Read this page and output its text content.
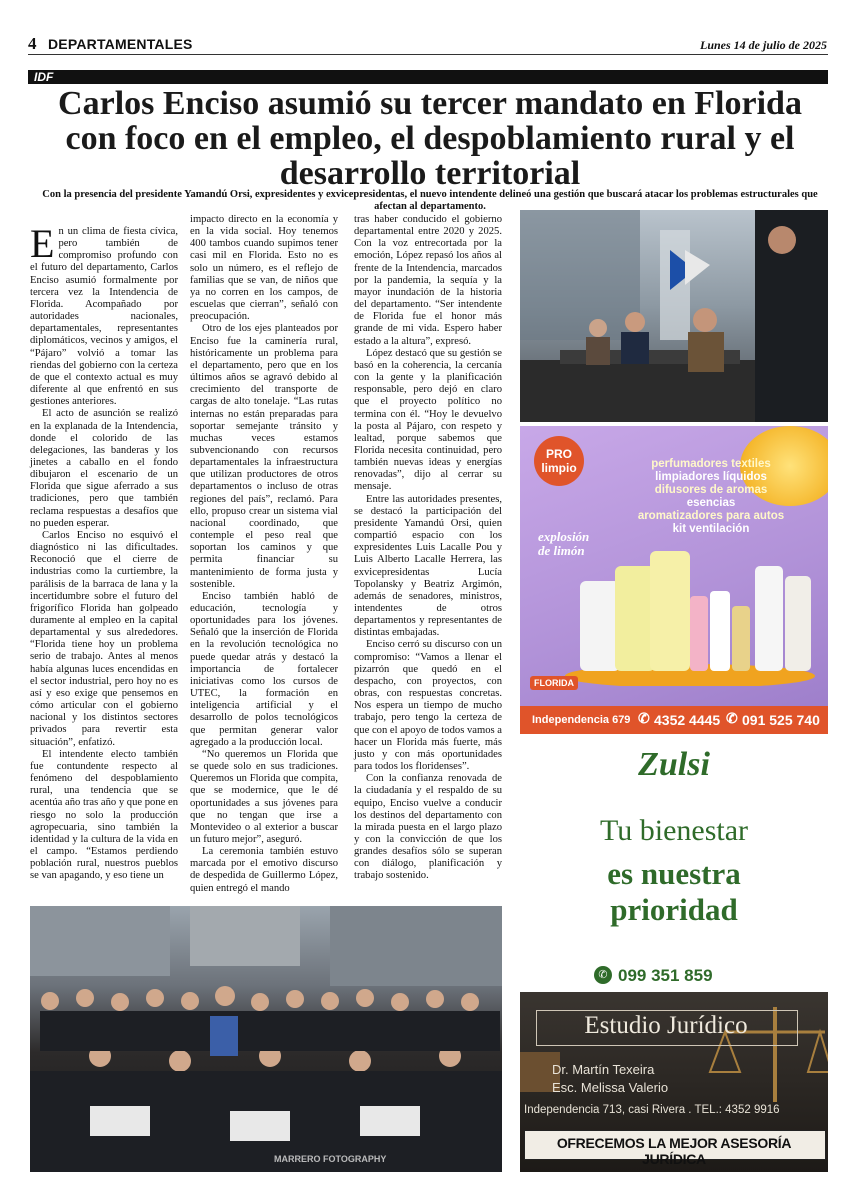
4 DEPARTAMENTALES	Lunes 14 de julio de 2025
IDF
Carlos Enciso asumió su tercer mandato en Florida con foco en el empleo, el despoblamiento rural y el desarrollo territorial
Con la presencia del presidente Yamandú Orsi, expresidentes y exvicepresidentas, el nuevo intendente delineó una gestión que buscará atacar los problemas estructurales que afectan al departamento.

En un clima de fiesta cívica, pero también de compromiso profundo con el futuro del departamento, Carlos Enciso asumió formalmente por tercera vez la Intendencia de Florida. Acompañado por autoridades nacionales, departamentales, representantes diplomáticos, vecinos y amigos, el “Pájaro” volvió a tomar las riendas del gobierno con la certeza de que el contexto actual es muy diferente al que enfrentó en sus gestiones anteriores.

El acto de asunción se realizó en la explanada de la Intendencia, donde el colorido de las delegaciones, las banderas y los jinetes a caballo en el fondo dibujaron el escenario de un Florida que sigue aferrado a sus tradiciones, pero que también reclama respuestas a desafíos que no pueden esperar.

Carlos Enciso no esquivó el diagnóstico ni las dificultades. Reconoció que el cierre de industrias como la curtiembre, la parálisis de la barraca de lana y la incertidumbre sobre el futuro del frigorífico Florida han golpeado duramente al empleo en la capital departamental y sus alrededores. “Florida tiene hoy un problema serio de trabajo. Antes al menos había algunas luces encendidas en el sector industrial, pero hoy no es así y eso exige que pensemos en cómo articular con el gobierno nacional y los distintos sectores privados para revertir esta situación”, enfatizó.

El intendente electo también fue contundente respecto al fenómeno del despoblamiento rural, una tendencia que se acentúa año tras año y que pone en riesgo no solo la producción agropecuaria, sino también la identidad y la cultura de la vida en el campo. “Estamos perdiendo población rural, nuestros pueblos se van apagando, y eso tiene un

impacto directo en la economía y en la vida social. Hoy tenemos 400 tambos cuando supimos tener casi mil en Florida. Esto no es solo un número, es el reflejo de familias que se van, de niños que ya no corren en los campos, de escuelas que cierran”, señaló con preocupación.

Otro de los ejes planteados por Enciso fue la caminería rural, históricamente un problema para el departamento, pero que en los últimos años se agravó debido al crecimiento del transporte de cargas de alto tonelaje. “Las rutas internas no están preparadas para soportar semejante tránsito y muchas veces estamos subvencionando con recursos departamentales la infraestructura que utilizan productores de otros departamentos o incluso de otras regiones del país”, reclamó. Para ello, propuso crear un sistema vial nacional coordinado, que contemple el peso real que soportan los caminos y que permita financiar su mantenimiento de forma justa y sostenible.

Enciso también habló de educación, tecnología y oportunidades para los jóvenes. Señaló que la inserción de Florida en la revolución tecnológica no puede quedar atrás y destacó la importancia de fortalecer iniciativas como los cursos de UTEC, la formación en inteligencia artificial y el desarrollo de polos tecnológicos que permitan generar valor agregado a la producción local.

“No queremos un Florida que se quede solo en sus tradiciones. Queremos un Florida que compita, que se modernice, que le dé oportunidades a sus jóvenes para que no tengan que irse a Montevideo o al exterior a buscar un futuro mejor”, aseguró.

La ceremonia también estuvo marcada por el emotivo discurso de despedida de Guillermo López, quien entregó el mando

tras haber conducido el gobierno departamental entre 2020 y 2025. Con la voz entrecortada por la emoción, López repasó los años al frente de la Intendencia, marcados por la pandemia, la sequía y la mayor inundación de la historia del departamento. “Ser intendente de Florida fue el honor más grande de mi vida. Espero haber estado a la altura”, expresó.

López destacó que su gestión se basó en la coherencia, la cercanía con la gente y la planificación responsable, pero dejó en claro que el proyecto político no termina con él. “Hoy le devuelvo la posta al Pájaro, con respeto y lealtad, porque sabemos que Florida necesita continuidad, pero también nuevas ideas y energías renovadas”, dijo al cerrar su mensaje.

Entre las autoridades presentes, se destacó la participación del presidente Yamandú Orsi, quien compartió espacio con los expresidentes Luis Lacalle Pou y Luis Alberto Lacalle Herrera, las exvicepresidentas Lucía Topolansky y Beatriz Argimón, además de senadores, ministros, intendentes de otros departamentos y representantes de distintas embajadas.

Enciso cerró su discurso con un compromiso: “Vamos a llenar el pizarrón que quedó en el despacho, con proyectos, con obras, con respuestas concretas. Nos espera un tiempo de mucho trabajo, pero tengo la certeza de que con el apoyo de todos vamos a hacer un Florida más fuerte, más justo y con más oportunidades para todos los floridenses”.

Con la confianza renovada de la ciudadanía y el respaldo de su equipo, Enciso vuelve a conducir los destinos del departamento con la mirada puesta en el largo plazo y con la convicción de que los grandes desafíos sólo se superan con diálogo, planificación y trabajo sostenido.

PRO
limpio	perfumadores textiles
limpiadores líquidos
difusores de aromas
esencias
aromatizadores para autos
kit ventilación
explosión de limón
FLORIDA
Independencia 679 ✆ 4352 4445 ✆ 091 525 740
Zulsi
Tu bienestar
es nuestra
prioridad
✆ 099 351 859
Estudio Jurídico
Dr. Martín Texeira
Esc. Melissa Valerio
Independencia 713, casi Rivera . TEL.: 4352 9916
OFRECEMOS LA MEJOR ASESORÍA JURÍDICA
MARRERO FOTOGRAPHY
